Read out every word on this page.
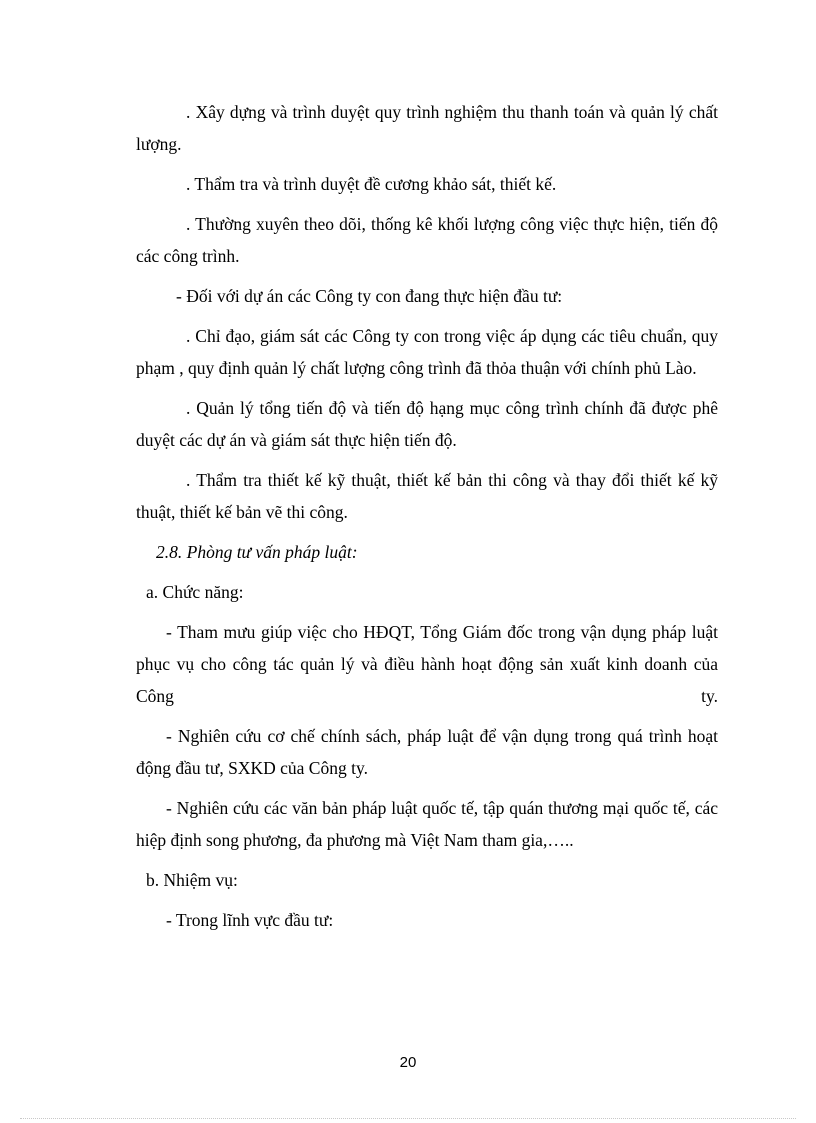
. Xây dựng và trình duyệt quy trình nghiệm thu thanh toán và quản lý chất lượng.

. Thẩm tra và trình duyệt đề cương khảo sát, thiết kế.

. Thường xuyên theo dõi, thống kê khối lượng công việc thực hiện, tiến độ các công trình.

- Đối với dự án các Công ty con đang thực hiện đầu tư:

. Chỉ đạo, giám sát các Công ty con trong việc áp dụng các tiêu chuẩn, quy phạm , quy định quản lý chất lượng công trình đã thỏa thuận với chính phủ Lào.

. Quản lý tổng tiến độ và tiến độ hạng mục công trình chính đã được phê duyệt các dự án và giám sát thực hiện tiến độ.

. Thẩm tra thiết kế kỹ thuật, thiết kế bản thi công và thay đổi thiết kế kỹ thuật, thiết kế bản vẽ thi công.

2.8. Phòng tư vấn pháp luật:

a. Chức năng:

- Tham mưu giúp việc cho HĐQT, Tổng Giám đốc trong vận dụng pháp luật phục vụ cho công tác quản lý và điều hành hoạt động sản xuất kinh doanh của Công ty.

- Nghiên cứu cơ chế chính sách, pháp luật để vận dụng trong quá trình hoạt động đầu tư, SXKD của Công ty.

- Nghiên cứu các văn bản pháp luật quốc tế, tập quán thương mại quốc tế, các hiệp định song phương, đa phương mà Việt Nam tham gia,…..

b. Nhiệm vụ:

- Trong lĩnh vực đầu tư:

20
